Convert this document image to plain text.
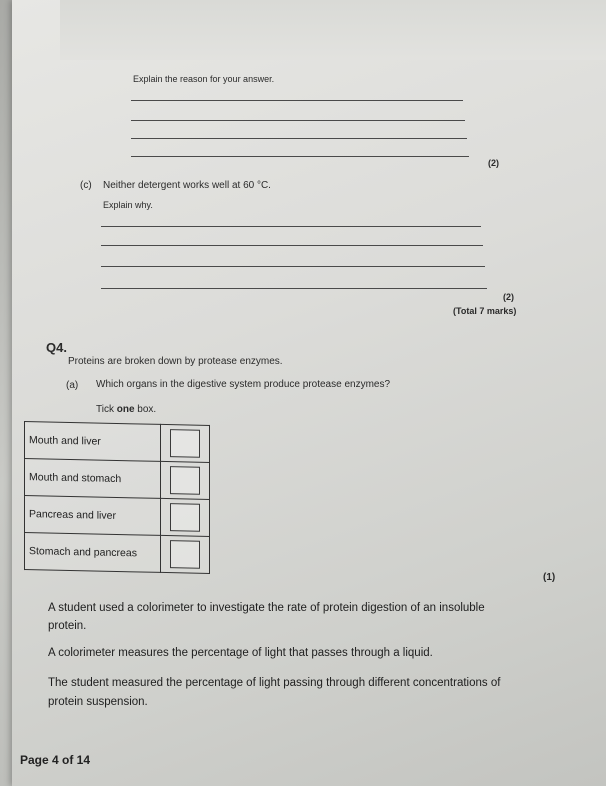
Explain the reason for your answer.
(2)
(c) Neither detergent works well at 60 °C.
Explain why.
(2)
(Total 7 marks)
Q4.
Proteins are broken down by protease enzymes.
(a) Which organs in the digestive system produce protease enzymes?
Tick one box.
Mouth and liver	
Mouth and stomach	
Pancreas and liver	
Stomach and pancreas	
(1)
A student used a colorimeter to investigate the rate of protein digestion of an insoluble
protein.
A colorimeter measures the percentage of light that passes through a liquid.
The student measured the percentage of light passing through different concentrations of
protein suspension.
Page 4 of 14
